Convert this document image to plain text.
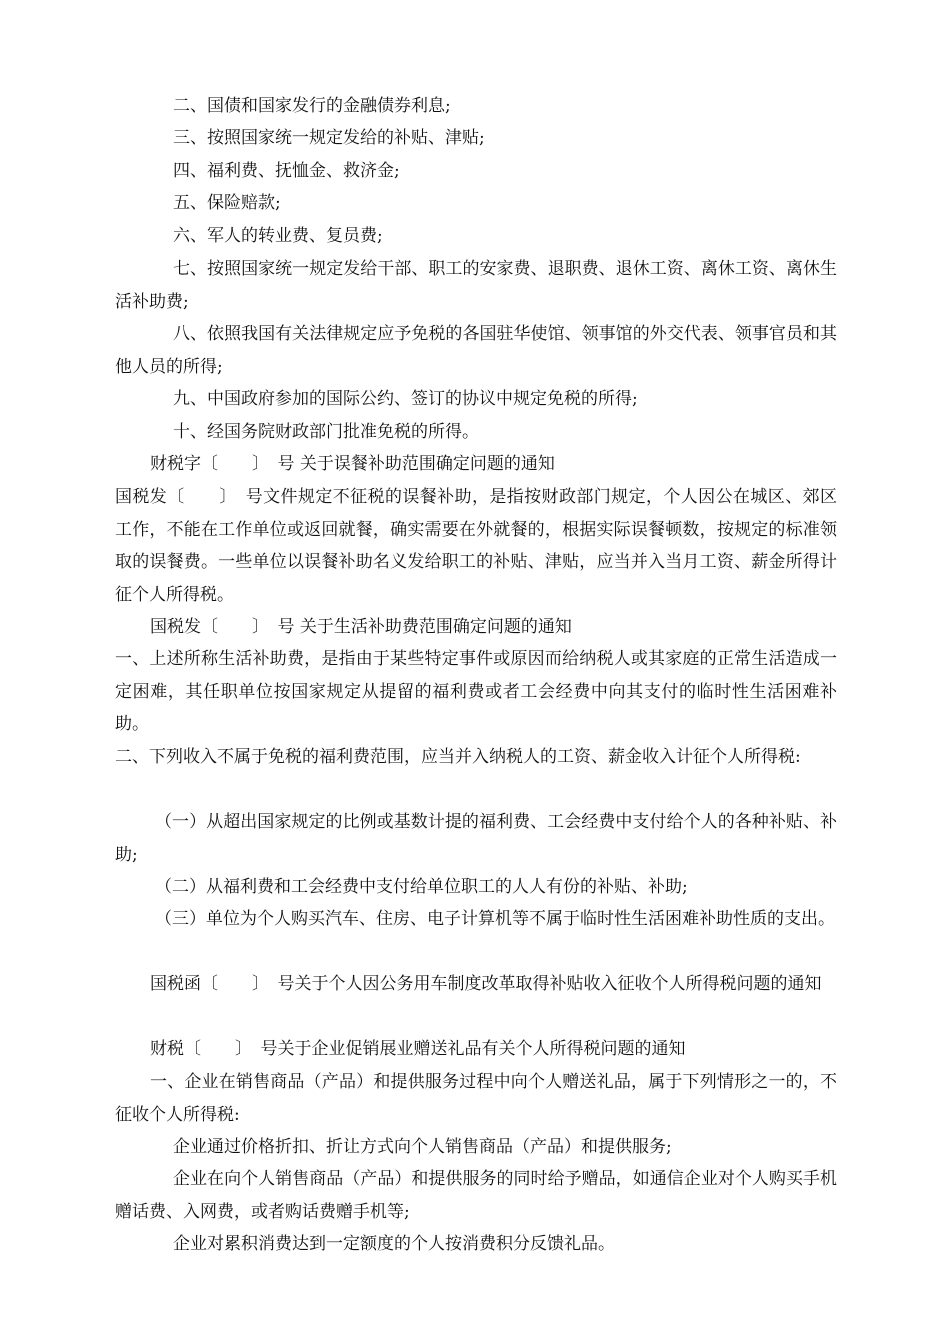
二、国债和国家发行的金融债券利息;

三、按照国家统一规定发给的补贴、津贴;

四、福利费、抚恤金、救济金;

五、保险赔款;

六、军人的转业费、复员费;

七、按照国家统一规定发给干部、职工的安家费、退职费、退休工资、离休工资、离休生活补助费;

八、依照我国有关法律规定应予免税的各国驻华使馆、领事馆的外交代表、领事官员和其他人员的所得;

九、中国政府参加的国际公约、签订的协议中规定免税的所得;

十、经国务院财政部门批准免税的所得。

财税字〔　　〕　号 关于误餐补助范围确定问题的通知

国税发〔　　〕　号文件规定不征税的误餐补助，是指按财政部门规定，个人因公在城区、郊区工作，不能在工作单位或返回就餐，确实需要在外就餐的，根据实际误餐顿数，按规定的标准领取的误餐费。一些单位以误餐补助名义发给职工的补贴、津贴，应当并入当月工资、薪金所得计征个人所得税。

国税发〔　　〕　号 关于生活补助费范围确定问题的通知

一、上述所称生活补助费，是指由于某些特定事件或原因而给纳税人或其家庭的正常生活造成一定困难，其任职单位按国家规定从提留的福利费或者工会经费中向其支付的临时性生活困难补助。

二、下列收入不属于免税的福利费范围，应当并入纳税人的工资、薪金收入计征个人所得税:

（一）从超出国家规定的比例或基数计提的福利费、工会经费中支付给个人的各种补贴、补助;

（二）从福利费和工会经费中支付给单位职工的人人有份的补贴、补助;

（三）单位为个人购买汽车、住房、电子计算机等不属于临时性生活困难补助性质的支出。

国税函〔　　〕　号关于个人因公务用车制度改革取得补贴收入征收个人所得税问题的通知

财税〔　　〕　号关于企业促销展业赠送礼品有关个人所得税问题的通知

一、企业在销售商品（产品）和提供服务过程中向个人赠送礼品，属于下列情形之一的，不征收个人所得税:

企业通过价格折扣、折让方式向个人销售商品（产品）和提供服务;

企业在向个人销售商品（产品）和提供服务的同时给予赠品，如通信企业对个人购买手机赠话费、入网费，或者购话费赠手机等;

企业对累积消费达到一定额度的个人按消费积分反馈礼品。
